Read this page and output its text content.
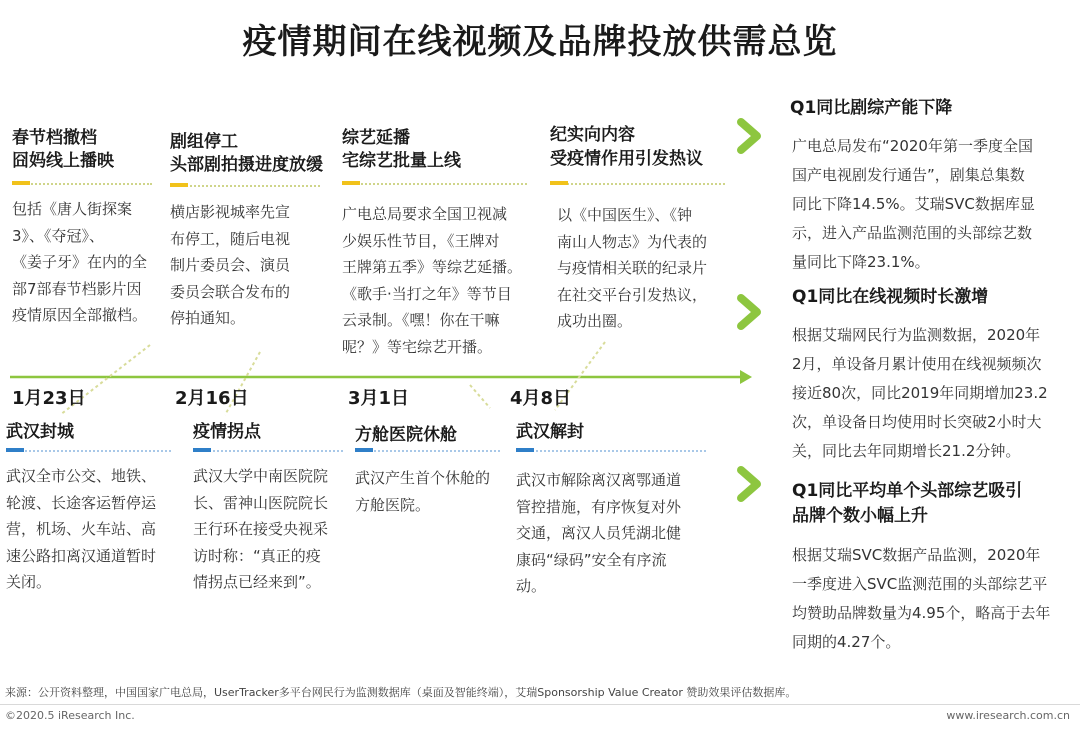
疫情期间在线视频及品牌投放供需总览
春节档撤档
囧妈线上播映
包括《唐人街探案
3》、《夺冠》、
《姜子牙》在内的全
部7部春节档影片因
疫情原因全部撤档。
剧组停工
头部剧拍摄进度放缓
横店影视城率先宣
布停工，随后电视
制片委员会、演员
委员会联合发布的
停拍通知。
综艺延播
宅综艺批量上线
广电总局要求全国卫视减
少娱乐性节目，《王牌对
王牌第五季》等综艺延播。
《歌手·当打之年》等节目
云录制。《嘿！你在干嘛
呢？》等宅综艺开播。
纪实向内容
受疫情作用引发热议
以《中国医生》、《钟
南山人物志》为代表的
与疫情相关联的纪录片
在社交平台引发热议，
成功出圈。
1月23日	2月16日	3月1日	4月8日
武汉封城
武汉全市公交、地铁、
轮渡、长途客运暂停运
营，机场、火车站、高
速公路扣离汉通道暂时
关闭。
疫情拐点
武汉大学中南医院院
长、雷神山医院院长
王行环在接受央视采
访时称：“真正的疫
情拐点已经来到”。
方舱医院休舱
武汉产生首个休舱的
方舱医院。
武汉解封
武汉市解除离汉离鄂通道
管控措施，有序恢复对外
交通，离汉人员凭湖北健
康码“绿码”安全有序流
动。
Q1同比剧综产能下降
广电总局发布“2020年第一季度全国
国产电视剧发行通告”，剧集总集数
同比下降14.5%。艾瑞SVC数据库显
示，进入产品监测范围的头部综艺数
量同比下降23.1%。
Q1同比在线视频时长激增
根据艾瑞网民行为监测数据，2020年
2月，单设备月累计使用在线视频频次
接近80次，同比2019年同期增加23.2
次，单设备日均使用时长突破2小时大
关，同比去年同期增长21.2分钟。
Q1同比平均单个头部综艺吸引
品牌个数小幅上升
根据艾瑞SVC数据产品监测，2020年
一季度进入SVC监测范围的头部综艺平
均赞助品牌数量为4.95个，略高于去年
同期的4.27个。
来源：公开资料整理，中国国家广电总局，UserTracker多平台网民行为监测数据库（桌面及智能终端），艾瑞Sponsorship Value Creator 赞助效果评估数据库。
©2020.5 iResearch Inc.	www.iresearch.com.cn
